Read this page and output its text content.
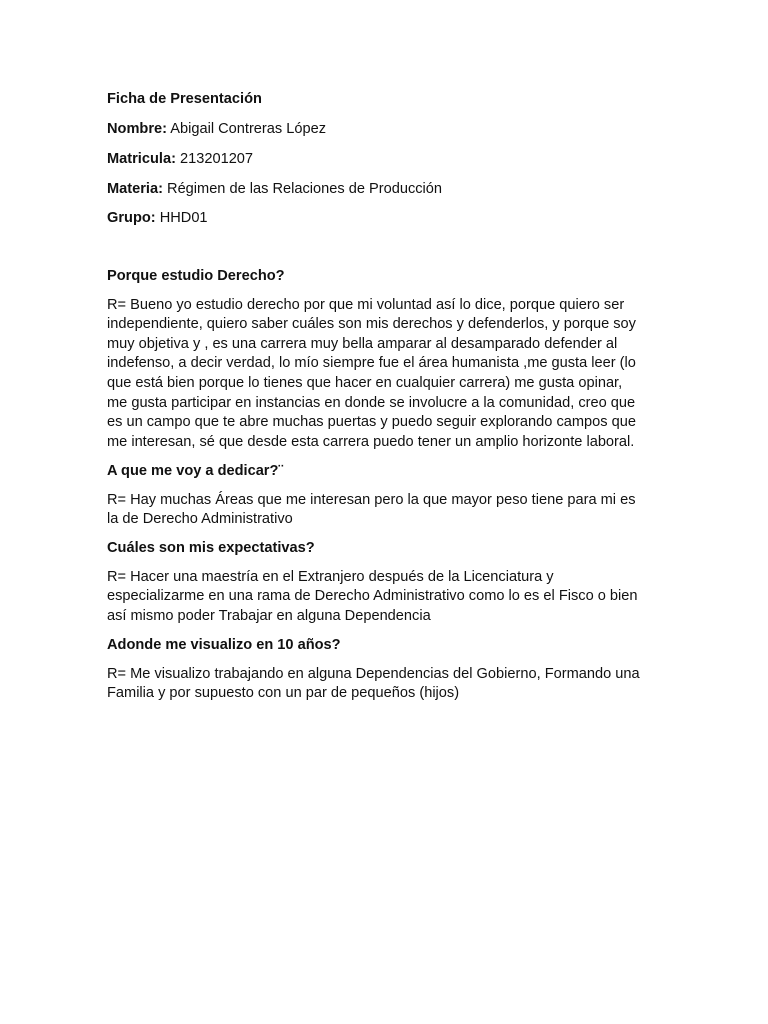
Ficha de Presentación

Nombre: Abigail Contreras López

Matricula: 213201207

Materia: Régimen de las Relaciones de Producción

Grupo: HHD01

Porque estudio Derecho?

R= Bueno yo estudio derecho por que mi voluntad así lo dice, porque quiero ser

independiente, quiero saber cuáles son mis derechos y defenderlos, y porque soy

muy objetiva y , es una carrera muy bella amparar al desamparado defender al

indefenso, a decir verdad, lo mío siempre fue el área humanista ,me gusta leer (lo

que está bien porque lo tienes que hacer en cualquier carrera) me gusta opinar,

me gusta participar en instancias en donde se involucre a la comunidad, creo que

es un campo que te abre muchas puertas y puedo seguir explorando campos que

me interesan, sé que desde esta carrera puedo tener un amplio horizonte laboral.

A que me voy a dedicar?¨

R= Hay muchas Áreas que me interesan pero la que mayor peso tiene para mi es

la de Derecho Administrativo

Cuáles son mis expectativas?

R= Hacer una maestría en el Extranjero después de la Licenciatura y

especializarme en una rama de Derecho Administrativo como lo es el Fisco o bien

así mismo poder Trabajar en alguna Dependencia

Adonde me visualizo en 10 años?

R= Me visualizo trabajando en alguna Dependencias del Gobierno, Formando una

Familia y por supuesto con un par de pequeños (hijos)
